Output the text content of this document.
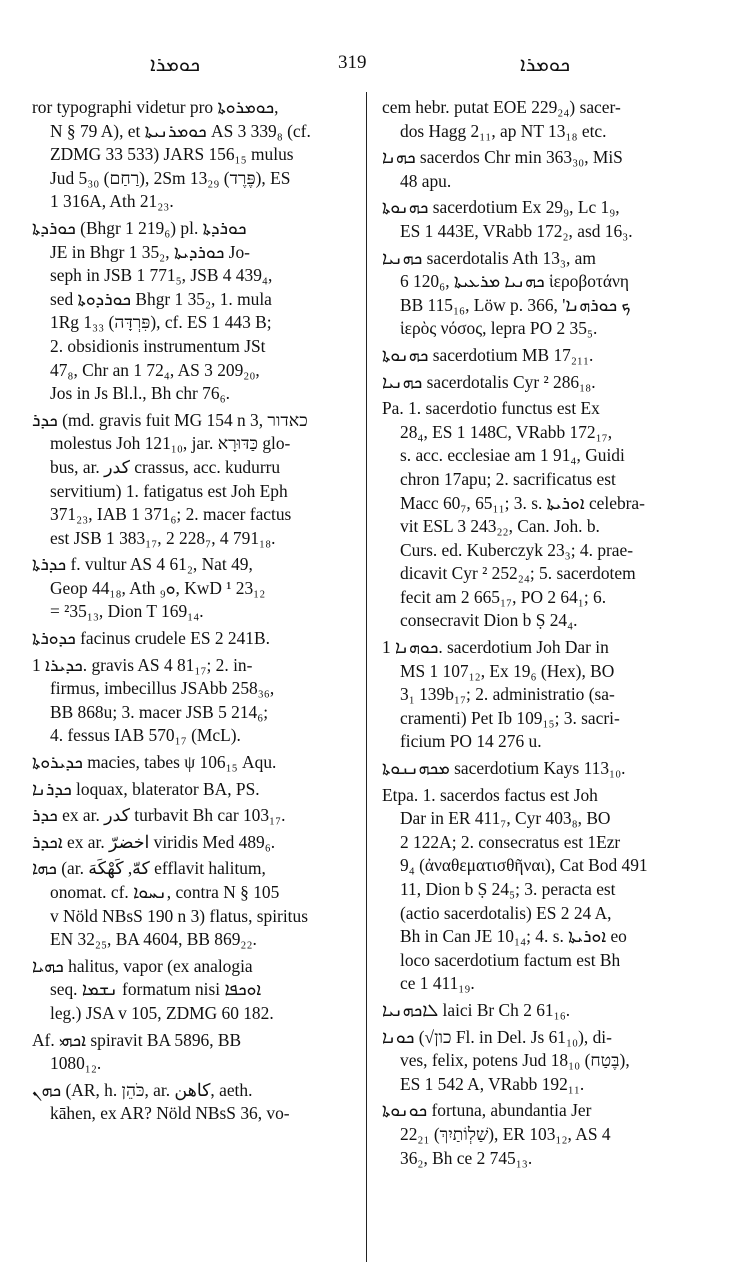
ܟܘܡܪܐ	319	ܟܘܡܪܐ
ror typographi videtur pro ܟܘܡܪܘܬܐ,
N § 79 A), et ܟܘܡܪܢܝܬܐ AS 3 339₈ (cf.
ZDMG 33 533) JARS 156₁₅ mulus
Jud 5₃₀ (רַחַם), 2Sm 13₂₉ (פֶּרֶד), ES
1 316A, Ath 21₂₃.
ܟܘܪܕܬܐ (Bhgr 1 219₆) pl. ܟܘܪܕܬܐ
JE in Bhgr 1 35₂, ܟܘܪܕܝܬܐ Jo-
seph in JSB 1 771₅, JSB 4 439₄,
sed ܟܘܪܕܘܬܐ Bhgr 1 35₂, 1. mula
1Rg 1₃₃ (פִּרְדָּה), cf. ES 1 443 B;
2. obsidionis instrumentum JSt
47₈, Chr an 1 72₄, AS 3 209₂₀,
Jos in Js Bl.l., Bh chr 76₆.
ܟܕܪ (md. gravis fuit MG 154 n 3, כאדור
molestus Joh 121₁₀, jar. כַּדּוּרָא glo-
bus, ar. كدر crassus, acc. kudurru
servitium) 1. fatigatus est Joh Eph
371₂₃, IAB 1 371₆; 2. macer factus
est JSB 1 383₁₇, 2 228₇, 4 791₁₈.
ܟܕܪܬܐ f. vultur AS 4 61₂, Nat 49,
Geop 44₁₈, Ath ܘ₉, KwD ¹ 23₁₂
= ²35₁₃, Dion T 169₁₄.
ܟܕܘܪܬܐ facinus crudele ES 2 241B.
ܟܕܝܪܐ 1. gravis AS 4 81₁₇; 2. in-
firmus, imbecillus JSAbb 258₃₆,
BB 868u; 3. macer JSB 5 214₆;
4. fessus IAB 570₁₇ (McL).
ܟܕܝܪܘܬܐ macies, tabes ψ 106₁₅ Aqu.
ܟܕܪܢܐ loquax, blaterator BA, PS.
ܟܕܪ ex ar. كدر turbavit Bh car 103₁₇.
ܐܟܕܪ ex ar. اخضرّ viridis Med 489₆.
ܟܗܐ (ar. كهّ, كَهْكَهَ efflavit halitum,
onomat. cf. ܢܚܘܐ, contra N § 105
v Nöld NBsS 190 n 3) flatus, spiritus
EN 32₂₅, BA 4604, BB 869₂₂.
ܟܗܝܐ halitus, vapor (ex analogia
seq. ܢܫܡܐ formatum nisi ܐܘܟܦܐ
leg.) JSA v 105, ZDMG 60 182.
Af. ܐܟܗܝ spiravit BA 5896, BB
1080₁₂.
ܟܗܢ (AR, h. כֹּהֵן, ar. كاهن, aeth.
kāhen, ex AR? Nöld NBsS 36, vo-
cem hebr. putat EOE 229₂₄) sacer-
dos Hagg 2₁₁, ap NT 13₁₈ etc.
ܟܗܢܐ sacerdos Chr min 363₃₀, MiS
48 apu.
ܟܗܢܘܬܐ sacerdotium Ex 29₉, Lc 1₉,
ES 1 443E, VRabb 172₂, asd 16₃.
ܟܗܢܝܐ sacerdotalis Ath 13₃, am
6 120₆, ܟܗܢܝܐ ܡܪܥܝܬܐ ἱεροβοτάνη
BB 115₁₆, Löw p. 366, 'ܟ ܟܘܪܗܢܐ
ἱερὸς νόσος, lepra PO 2 35₅.
ܟܗܢܘܬܐ sacerdotium MB 17₂₁₁.
ܟܗܢܝܐ sacerdotalis Cyr ² 286₁₈.
Pa. 1. sacerdotio functus est Ex
28₄, ES 1 148C, VRabb 172₁₇,
s. acc. ecclesiae am 1 91₄, Guidi
chron 17apu; 2. sacrificatus est
Macc 60₇, 65₁₁; 3. s. ܐܘܪܝܬܐ celebra-
vit ESL 3 243₂₂, Can. Joh. b.
Curs. ed. Kuberczyk 23₃; 4. prae-
dicavit Cyr ² 252₂₄; 5. sacerdotem
fecit am 2 665₁₇, PO 2 64₁; 6.
consecravit Dion b Ṣ 24₄.
ܟܘܗܢܐ 1. sacerdotium Joh Dar in
MS 1 107₁₂, Ex 19₆ (Hex), BO
3₁ 139b₁₇; 2. administratio (sa-
cramenti) Pet Ib 109₁₅; 3. sacri-
ficium PO 14 276 u.
ܡܟܗܢܢܘܬܐ sacerdotium Kays 113₁₀.
Etpa. 1. sacerdos factus est Joh
Dar in ER 411₇, Cyr 403₈, BO
2 122A; 2. consecratus est 1Ezr
9₄ (ἀναθεματισθῆναι), Cat Bod 491
11, Dion b Ṣ 24₅; 3. peracta est
(actio sacerdotalis) ES 2 24 A,
Bh in Can JE 10₁₄; 4. s. ܐܘܪܝܬܐ eo
loco sacerdotium factum est Bh
ce 1 411₁₉.
ܠܐܟܗܢܝܐ laici Br Ch 2 61₁₆.
ܟܘܢܐ (√כון Fl. in Del. Js 61₁₀), di-
ves, felix, potens Jud 18₁₀ (בֶּטַח),
ES 1 542 A, VRabb 192₁₁.
ܟܘܢܘܬܐ fortuna, abundantia Jer
22₂₁ (שַׁלְוֹתַיִךְ), ER 103₁₂, AS 4
36₂, Bh ce 2 745₁₃.
